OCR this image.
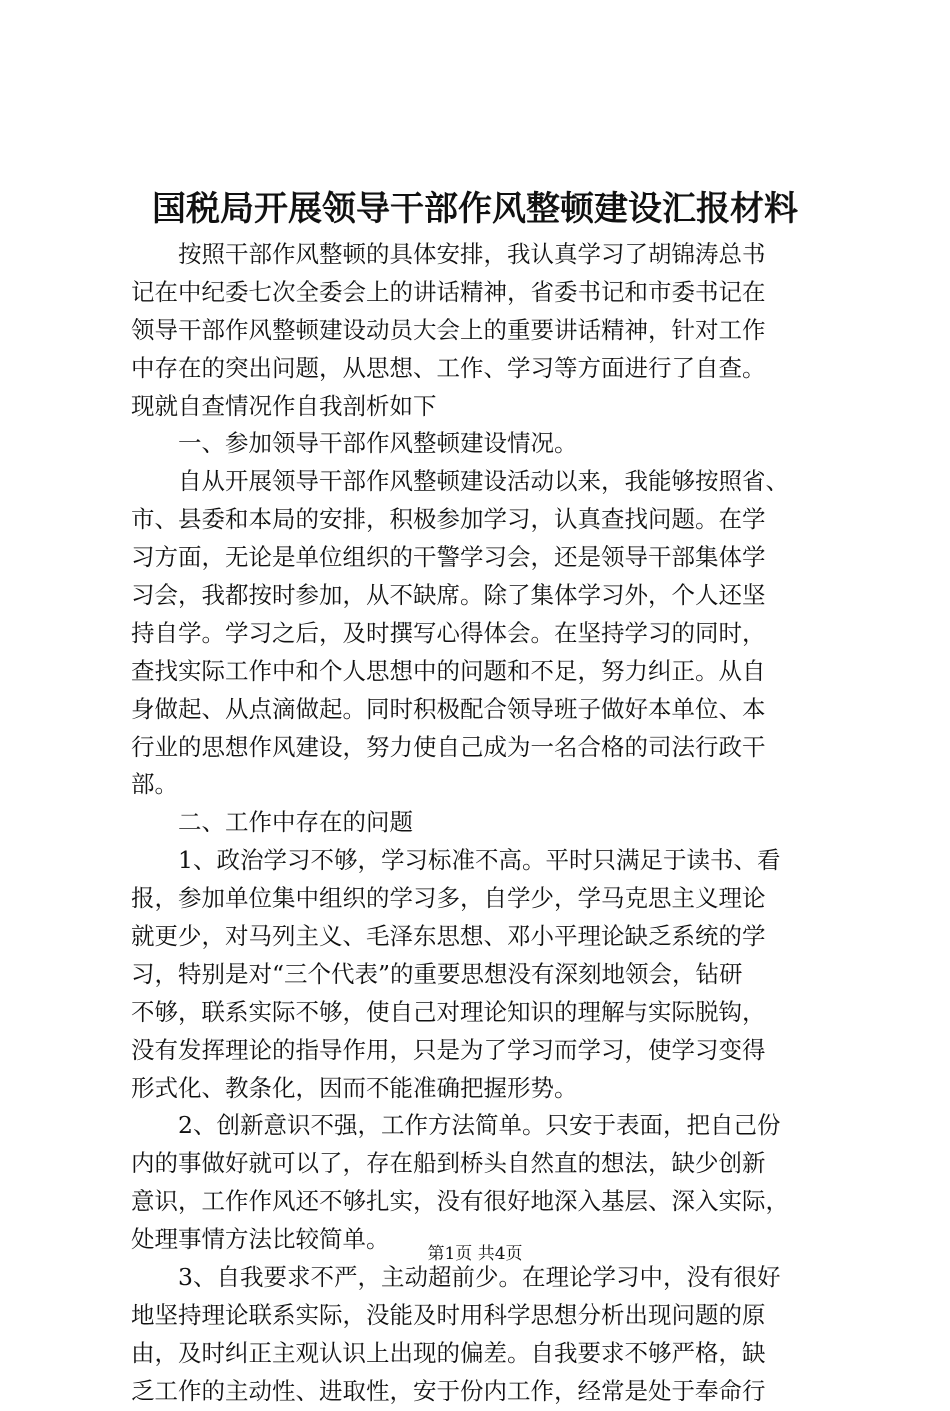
国税局开展领导干部作风整顿建设汇报材料
　　按照干部作风整顿的具体安排，我认真学习了胡锦涛总书
记在中纪委七次全委会上的讲话精神，省委书记和市委书记在
领导干部作风整顿建设动员大会上的重要讲话精神，针对工作
中存在的突出问题，从思想、工作、学习等方面进行了自查。
现就自查情况作自我剖析如下
　　一、参加领导干部作风整顿建设情况。
　　自从开展领导干部作风整顿建设活动以来，我能够按照省、
市、县委和本局的安排，积极参加学习，认真查找问题。在学
习方面，无论是单位组织的干警学习会，还是领导干部集体学
习会，我都按时参加，从不缺席。除了集体学习外，个人还坚
持自学。学习之后，及时撰写心得体会。在坚持学习的同时，
查找实际工作中和个人思想中的问题和不足，努力纠正。从自
身做起、从点滴做起。同时积极配合领导班子做好本单位、本
行业的思想作风建设，努力使自己成为一名合格的司法行政干
部。
　　二、工作中存在的问题
　　1、政治学习不够，学习标准不高。平时只满足于读书、看
报，参加单位集中组织的学习多，自学少，学马克思主义理论
就更少，对马列主义、毛泽东思想、邓小平理论缺乏系统的学
习，特别是对“三个代表”的重要思想没有深刻地领会，钻研
不够，联系实际不够，使自己对理论知识的理解与实际脱钩，
没有发挥理论的指导作用，只是为了学习而学习，使学习变得
形式化、教条化，因而不能准确把握形势。
　　2、创新意识不强，工作方法简单。只安于表面，把自己份
内的事做好就可以了，存在船到桥头自然直的想法，缺少创新
意识，工作作风还不够扎实，没有很好地深入基层、深入实际，
处理事情方法比较简单。
　　3、自我要求不严，主动超前少。在理论学习中，没有很好
地坚持理论联系实际，没能及时用科学思想分析出现问题的原
由，及时纠正主观认识上出现的偏差。自我要求不够严格，缺
乏工作的主动性、进取性，安于份内工作，经常是处于奉命行
第1页 共4页
